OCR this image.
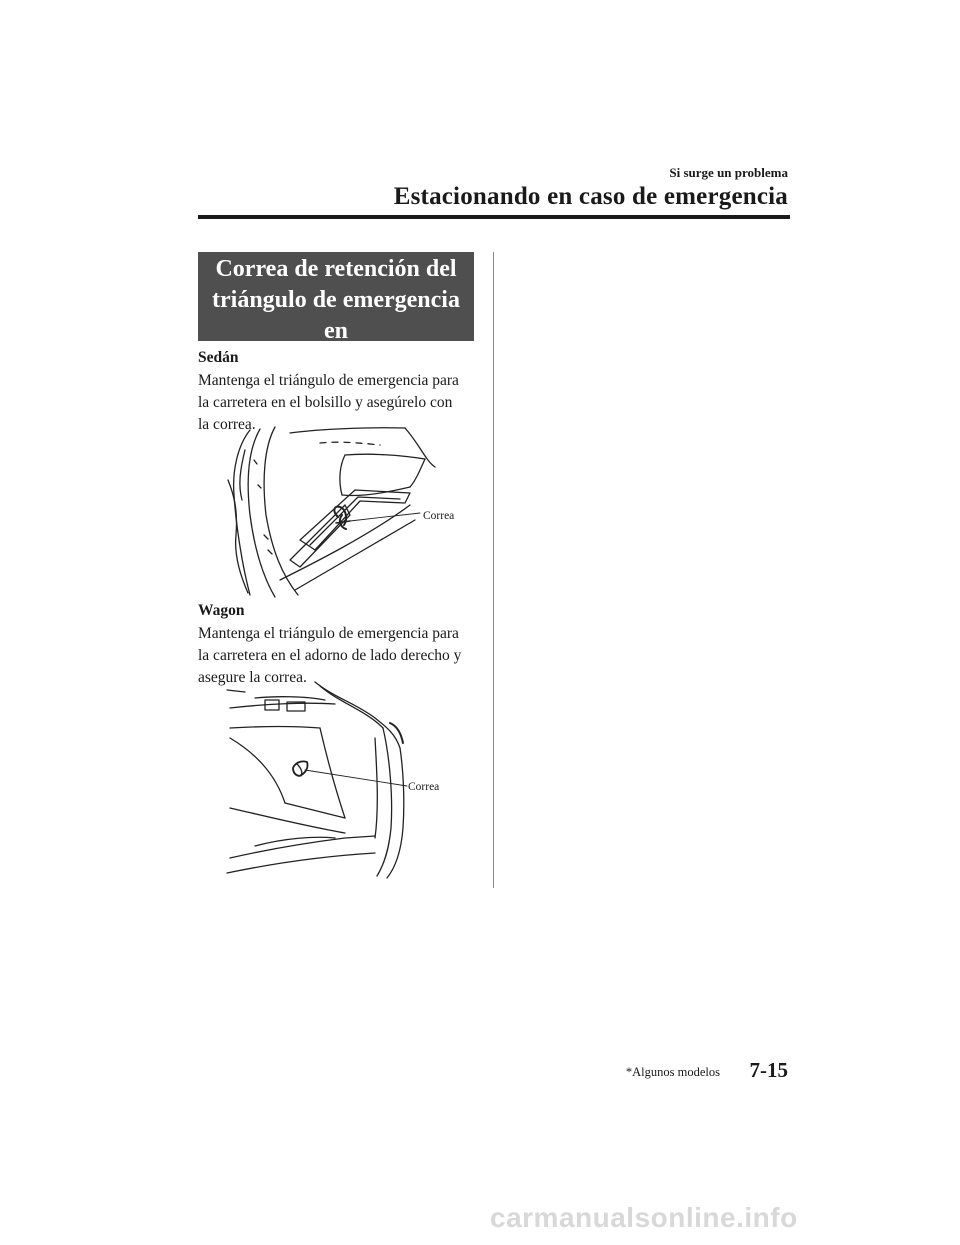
Si surge un problema
Estacionando en caso de emergencia
Correa de retención del
triángulo de emergencia en
el camino*
Sedán
Mantenga el triángulo de emergencia para
la carretera en el bolsillo y asegúrelo con
la correa.
Correa
Wagon
Mantenga el triángulo de emergencia para
la carretera en el adorno de lado derecho y
asegure la correa.
Correa
*Algunos modelos 7-15
carmanualsonline.info
